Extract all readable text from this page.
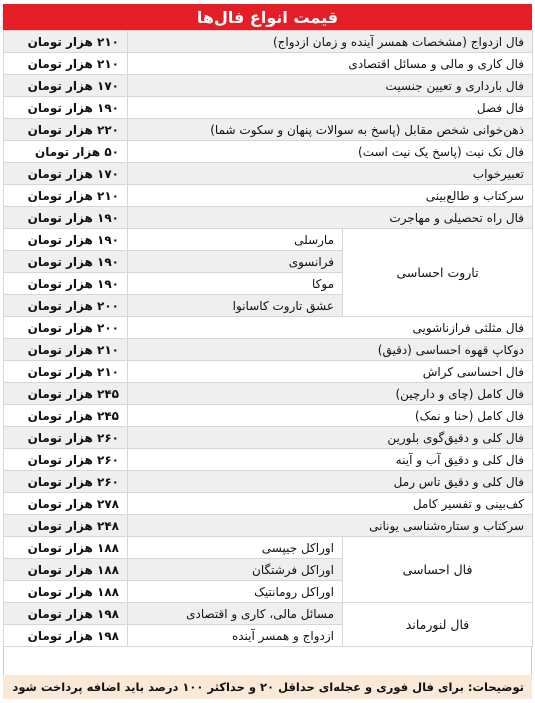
قیمت انواع فال‌ها
فال ازدواج (مشخصات همسر آینده و زمان ازدواج)		۲۱۰ هزار تومان
فال کاری و مالی و مسائل اقتصادی		۲۱۰ هزار تومان
فال بارداری و تعیین جنسیت		۱۷۰ هزار تومان
فال فصل		۱۹۰ هزار تومان
ذهن‌خوانی شخص مقابل (پاسخ به سوالات پنهان و سکوت شما)		۲۲۰ هزار تومان
فال تک نیت (پاسخ یک نیت است)		۵۰ هزار تومان
تعبیرخواب		۱۷۰ هزار تومان
سرکتاب و طالع‌بینی		۲۱۰ هزار تومان
فال راه تحصیلی و مهاجرت		۱۹۰ هزار تومان
تاروت احساسی	مارسلی	۱۹۰ هزار تومان
	فرانسوی	۱۹۰ هزار تومان
	موکا	۱۹۰ هزار تومان
	عشق تاروت کاسانوا	۲۰۰ هزار تومان
فال مثلثی فرازناشویی		۲۰۰ هزار تومان
دوکاپ قهوه احساسی (دقیق)		۲۱۰ هزار تومان
فال احساسی کراش		۲۱۰ هزار تومان
فال کامل (چای و دارچین)		۲۴۵ هزار تومان
فال کامل (حنا و نمک)		۲۴۵ هزار تومان
فال کلی و دقیق‌گوی بلورین		۲۶۰ هزار تومان
فال کلی و دقیق آب و آینه		۲۶۰ هزار تومان
فال کلی و دقیق تاس رمل		۲۶۰ هزار تومان
کف‌بینی و تفسیر کامل		۲۷۸ هزار تومان
سرکتاب و ستاره‌شناسی یونانی		۲۴۸ هزار تومان
فال احساسی	اوراکل جیپسی	۱۸۸ هزار تومان
	اوراکل فرشتگان	۱۸۸ هزار تومان
	اوراکل رومانتیک	۱۸۸ هزار تومان
فال لنورماند	مسائل مالی، کاری و اقتصادی	۱۹۸ هزار تومان
	ازدواج و همسر آینده	۱۹۸ هزار تومان
توضیحات: برای فال فوری و عجله‌ای حداقل ۲۰ و حداکثر ۱۰۰ درصد باید اضافه پرداخت شود
